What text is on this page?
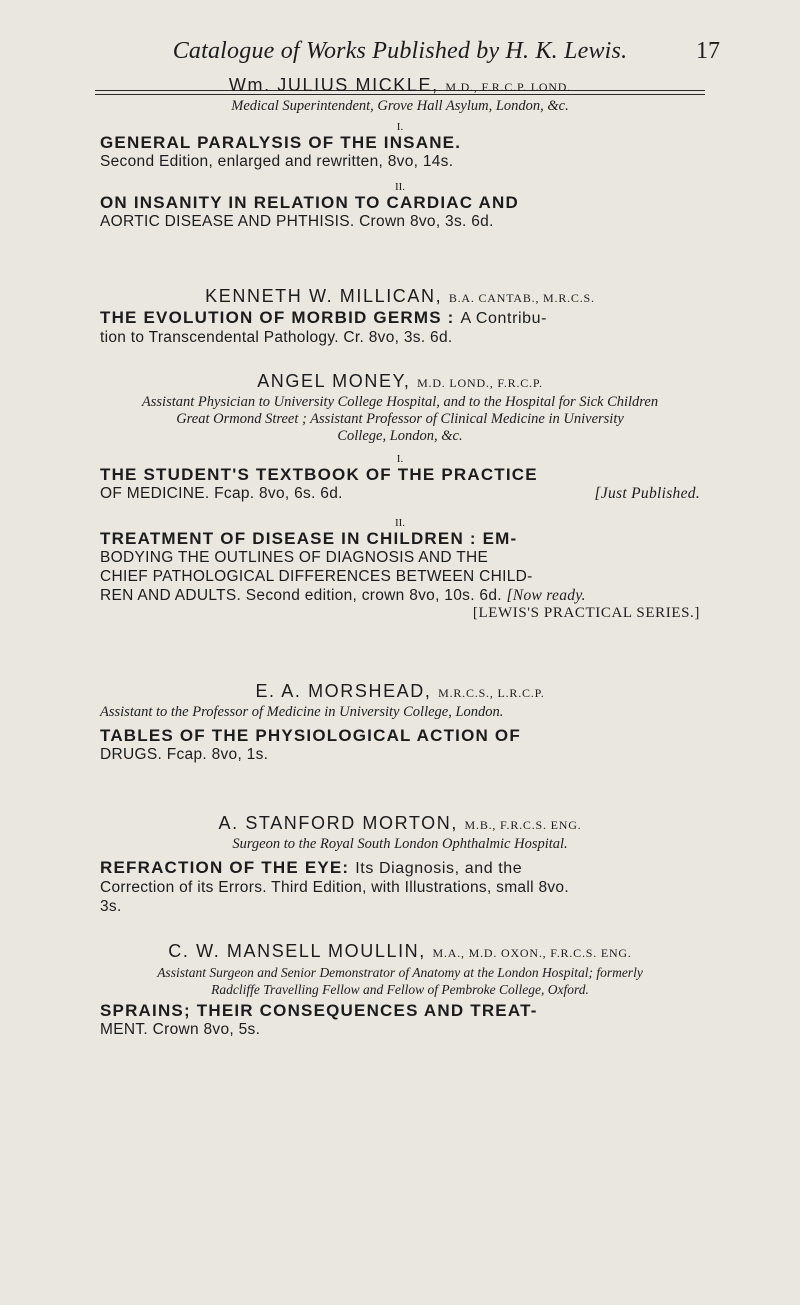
Catalogue of Works Published by H. K. Lewis.	17

Wm. JULIUS MICKLE, M.D., F.R.C.P. LOND.

Medical Superintendent, Grove Hall Asylum, London, &c.

I.

GENERAL PARALYSIS OF THE INSANE.

Second Edition, enlarged and rewritten, 8vo, 14s.

II.

ON INSANITY IN RELATION TO CARDIAC AND

AORTIC DISEASE AND PHTHISIS. Crown 8vo, 3s. 6d.

KENNETH W. MILLICAN, B.A. CANTAB., M.R.C.S.

THE EVOLUTION OF MORBID GERMS : A Contribu-

tion to Transcendental Pathology. Cr. 8vo, 3s. 6d.

ANGEL MONEY, M.D. LOND., F.R.C.P.

Assistant Physician to University College Hospital, and to the Hospital for Sick Children

Great Ormond Street ; Assistant Professor of Clinical Medicine in University

College, London, &c.

I.

THE STUDENT'S TEXTBOOK OF THE PRACTICE

OF MEDICINE. Fcap. 8vo, 6s. 6d.	[Just Published.

II.

TREATMENT OF DISEASE IN CHILDREN : EM-

BODYING THE OUTLINES OF DIAGNOSIS AND THE

CHIEF PATHOLOGICAL DIFFERENCES BETWEEN CHILD-

REN AND ADULTS. Second edition, crown 8vo, 10s. 6d. [Now ready.

[LEWIS'S PRACTICAL SERIES.]

E. A. MORSHEAD, M.R.C.S., L.R.C.P.

Assistant to the Professor of Medicine in University College, London.

TABLES OF THE PHYSIOLOGICAL ACTION OF

DRUGS. Fcap. 8vo, 1s.

A. STANFORD MORTON, M.B., F.R.C.S. ENG.

Surgeon to the Royal South London Ophthalmic Hospital.

REFRACTION OF THE EYE: Its Diagnosis, and the

Correction of its Errors. Third Edition, with Illustrations, small 8vo.

3s.

C. W. MANSELL MOULLIN, M.A., M.D. OXON., F.R.C.S. ENG.

Assistant Surgeon and Senior Demonstrator of Anatomy at the London Hospital; formerly

Radcliffe Travelling Fellow and Fellow of Pembroke College, Oxford.

SPRAINS; THEIR CONSEQUENCES AND TREAT-

MENT. Crown 8vo, 5s.
